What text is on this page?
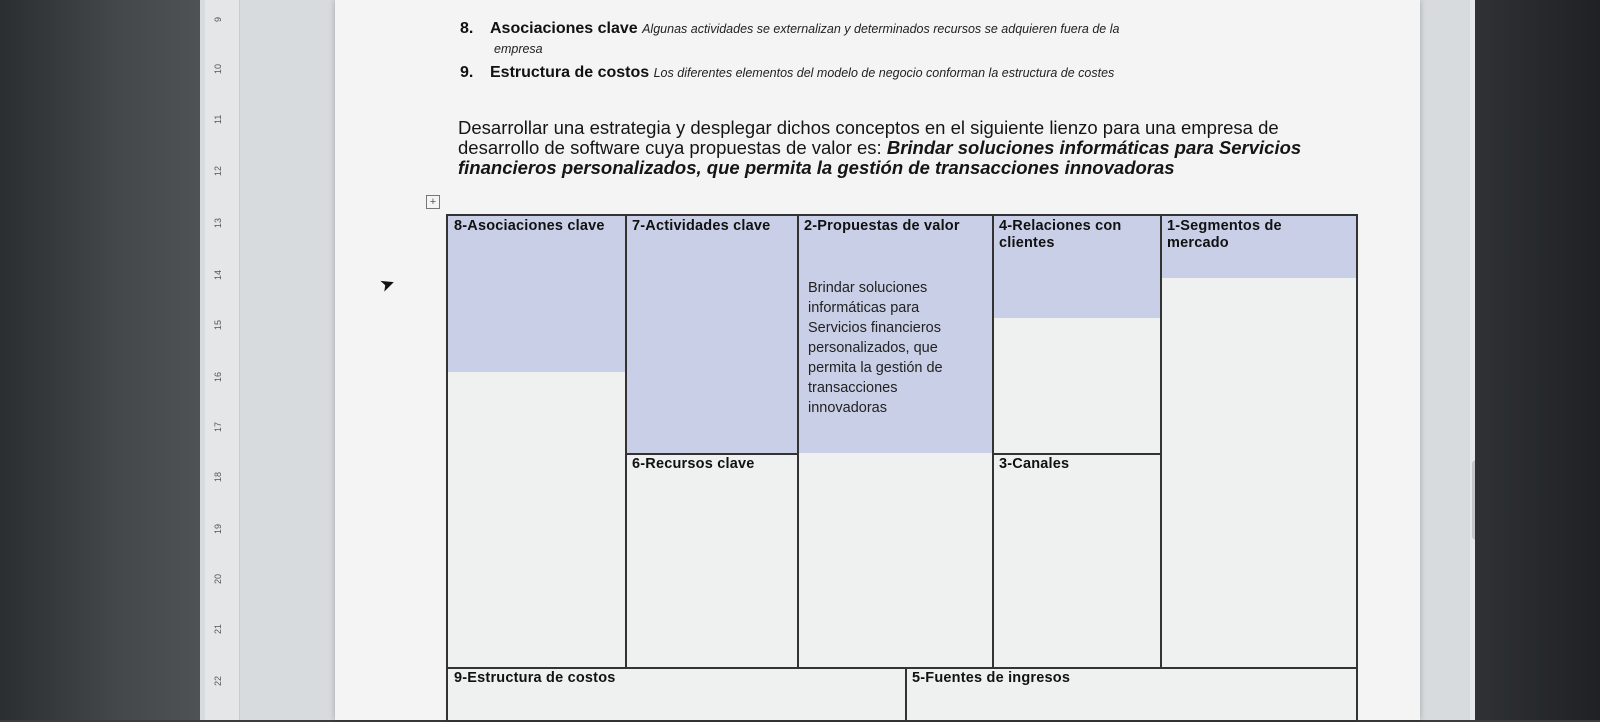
9
10
11
12
13
14
15
16
17
18
19
20
21
22
8. Asociaciones clave Algunas actividades se externalizan y determinados recursos se adquieren fuera de la
empresa
9. Estructura de costos Los diferentes elementos del modelo de negocio conforman la estructura de costes
Desarrollar una estrategia y desplegar dichos conceptos en el siguiente lienzo para una empresa de desarrollo de software cuya propuestas de valor es: Brindar soluciones informáticas para Servicios financieros personalizados, que permita la gestión de transacciones innovadoras
+
➤
8-Asociaciones clave 7-Actividades clave
6-Recursos clave
2-Propuestas de valor
Brindar soluciones informáticas para Servicios financieros personalizados, que permita la gestión de transacciones innovadoras
4-Relaciones con clientes
3-Canales
1-Segmentos de mercado
9-Estructura de costos	5-Fuentes de ingresos
